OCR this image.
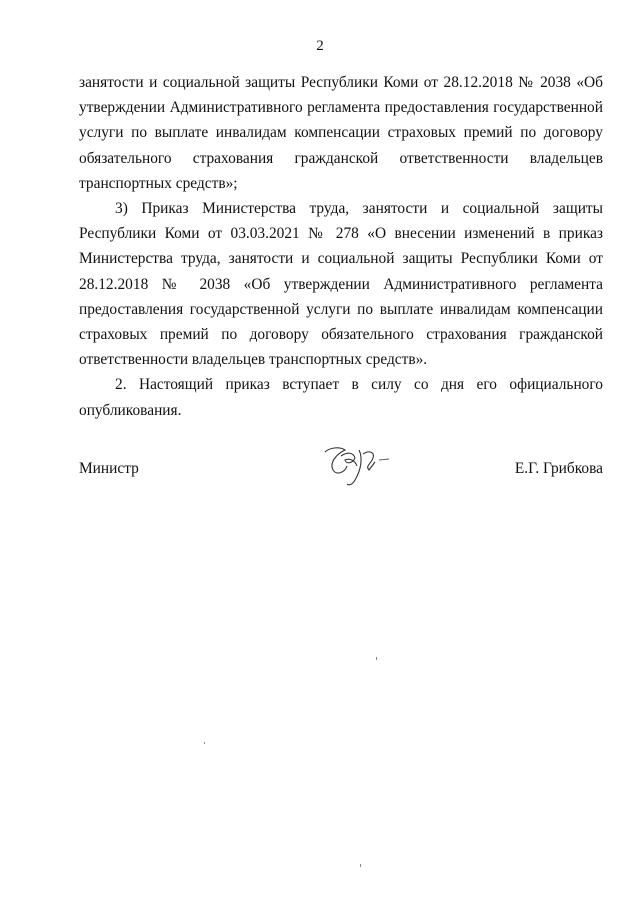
2

занятости и социальной защиты Республики Коми от 28.12.2018 № 2038 «Об утверждении Административного регламента предоставления государственной услуги по выплате инвалидам компенсации страховых премий по договору обязательного страхования гражданской ответственности владельцев транспортных средств»;

3) Приказ Министерства труда, занятости и социальной защиты Республики Коми от 03.03.2021 № 278 «О внесении изменений в приказ Министерства труда, занятости и социальной защиты Республики Коми от 28.12.2018 № 2038 «Об утверждении Административного регламента предоставления государственной услуги по выплате инвалидам компенсации страховых премий по договору обязательного страхования гражданской ответственности владельцев транспортных средств».

2. Настоящий приказ вступает в силу со дня его официального опубликования.

Министр	Е.Г. Грибкова
